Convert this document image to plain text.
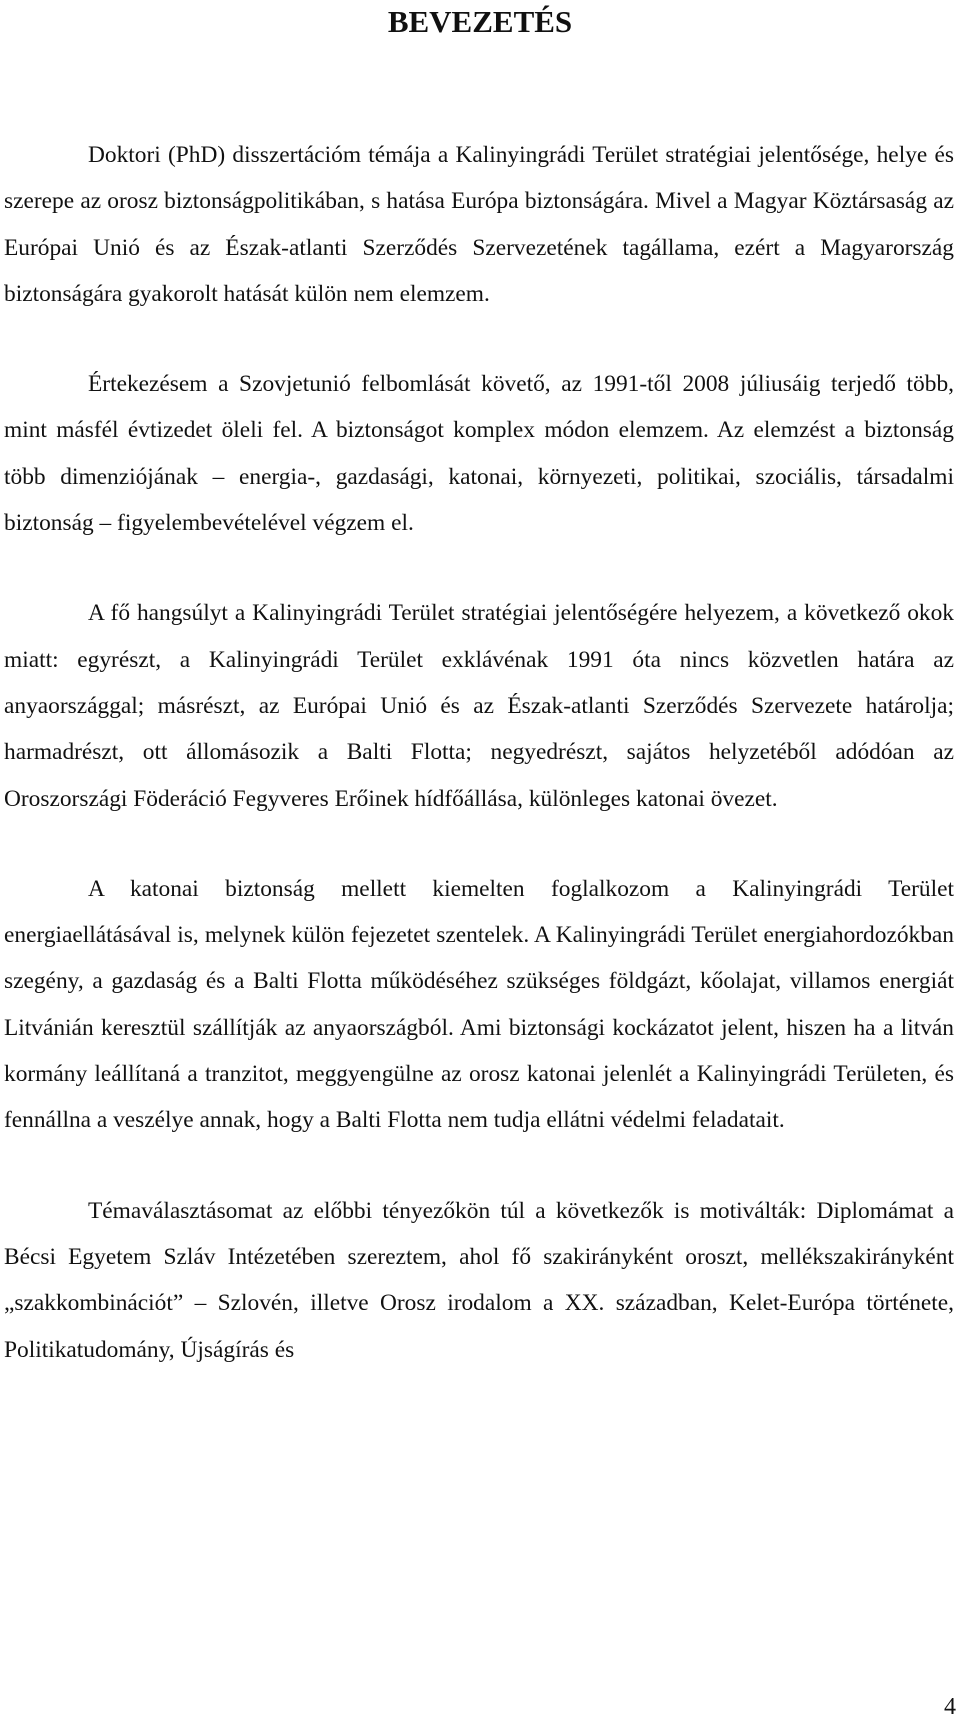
BEVEZETÉS

Doktori (PhD) disszertációm témája a Kalinyingrádi Terület stratégiai jelentősége, helye és szerepe az orosz biztonságpolitikában, s hatása Európa biztonságára. Mivel a Magyar Köztársaság az Európai Unió és az Észak-atlanti Szerződés Szervezetének tagállama, ezért a Magyarország biztonságára gyakorolt hatását külön nem elemzem.

Értekezésem a Szovjetunió felbomlását követő, az 1991-től 2008 júliusáig terjedő több, mint másfél évtizedet öleli fel. A biztonságot komplex módon elemzem. Az elemzést a biztonság több dimenziójának – energia-, gazdasági, katonai, környezeti, politikai, szociális, társadalmi biztonság – figyelembevételével végzem el.

A fő hangsúlyt a Kalinyingrádi Terület stratégiai jelentőségére helyezem, a következő okok miatt: egyrészt, a Kalinyingrádi Terület exklávénak 1991 óta nincs közvetlen határa az anyaországgal; másrészt, az Európai Unió és az Észak-atlanti Szerződés Szervezete határolja; harmadrészt, ott állomásozik a Balti Flotta; negyedrészt, sajátos helyzetéből adódóan az Oroszországi Föderáció Fegyveres Erőinek hídfőállása, különleges katonai övezet.

A katonai biztonság mellett kiemelten foglalkozom a Kalinyingrádi Terület energiaellátásával is, melynek külön fejezetet szentelek. A Kalinyingrádi Terület energiahordozókban szegény, a gazdaság és a Balti Flotta működéséhez szükséges földgázt, kőolajat, villamos energiát Litvánián keresztül szállítják az anyaországból. Ami biztonsági kockázatot jelent, hiszen ha a litván kormány leállítaná a tranzitot, meggyengülne az orosz katonai jelenlét a Kalinyingrádi Területen, és fennállna a veszélye annak, hogy a Balti Flotta nem tudja ellátni védelmi feladatait.

Témaválasztásomat az előbbi tényezőkön túl a következők is motiválták: Diplomámat a Bécsi Egyetem Szláv Intézetében szereztem, ahol fő szakirányként oroszt, mellékszakirányként „szakkombinációt” – Szlovén, illetve Orosz irodalom a XX. században, Kelet-Európa története, Politikatudomány, Újságírás és

4
